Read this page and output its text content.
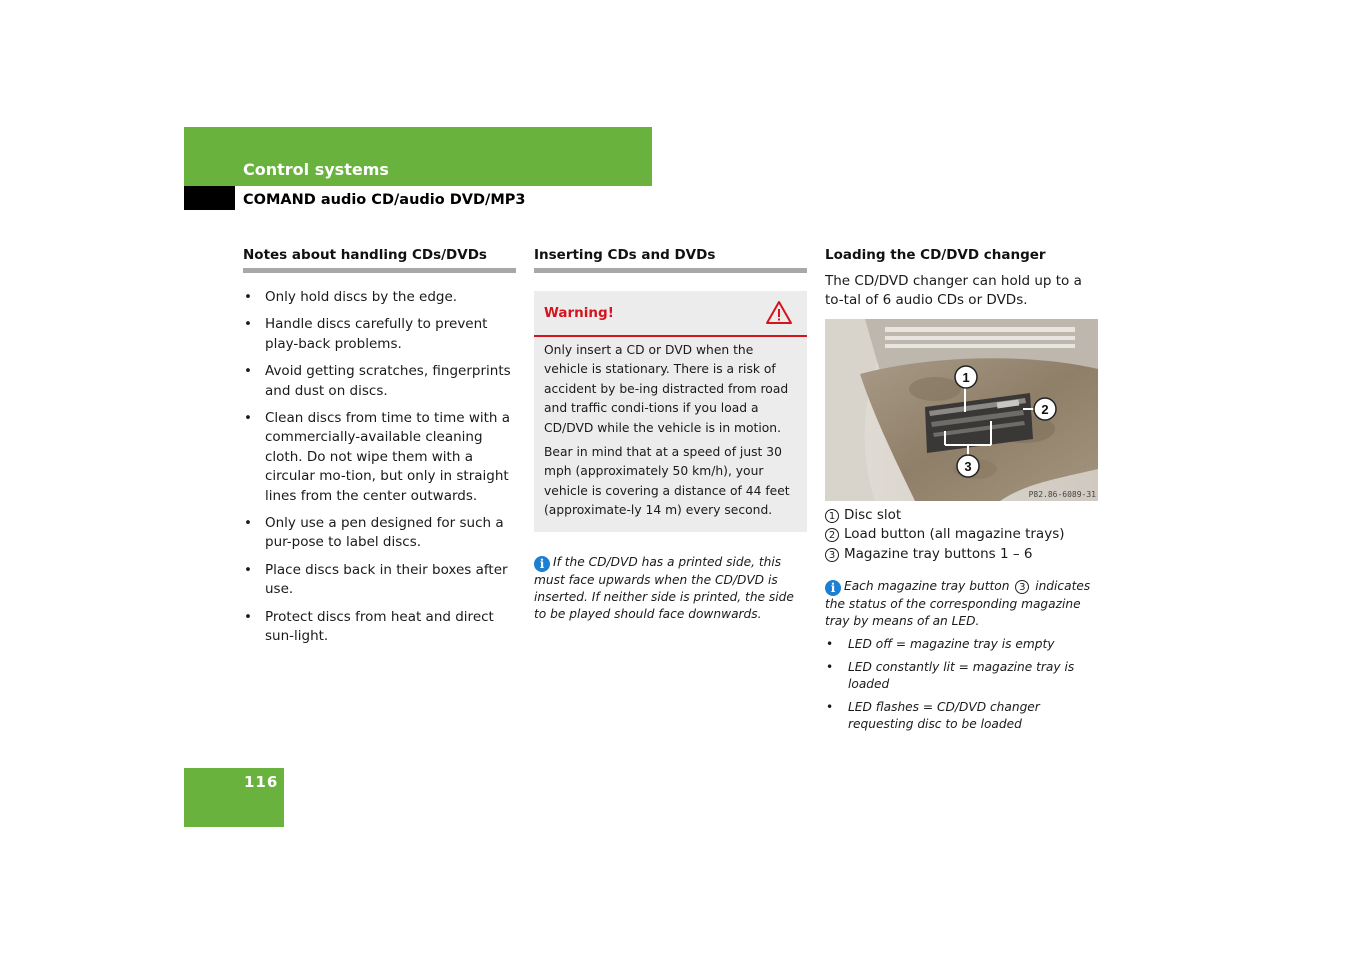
Control systems
COMAND audio CD/audio DVD/MP3
Notes about handling CDs/DVDs
• Only hold discs by the edge.
• Handle discs carefully to prevent play-back problems.
• Avoid getting scratches, fingerprints and dust on discs.
• Clean discs from time to time with a commercially-available cleaning cloth. Do not wipe them with a circular mo-tion, but only in straight lines from the center outwards.
• Only use a pen designed for such a pur-pose to label discs.
• Place discs back in their boxes after use.
• Protect discs from heat and direct sun-light.
Inserting CDs and DVDs
Warning!

Only insert a CD or DVD when the vehicle is stationary. There is a risk of accident by be-ing distracted from road and traffic condi-tions if you load a CD/DVD while the vehicle is in motion.

Bear in mind that at a speed of just 30 mph (approximately 50 km/h), your vehicle is covering a distance of 44 feet (approximate-ly 14 m) every second.

i If the CD/DVD has a printed side, this must face upwards when the CD/DVD is inserted. If neither side is printed, the side to be played should face downwards.
Loading the CD/DVD changer
The CD/DVD changer can hold up to a to-tal of 6 audio CDs or DVDs.
1
2
3
P82.86-6089-31
1 Disc slot
2 Load button (all magazine trays)
3 Magazine tray buttons 1 – 6
i Each magazine tray button 3 indicates the status of the corresponding magazine tray by means of an LED.
• LED off = magazine tray is empty
• LED constantly lit = magazine tray is loaded
• LED flashes = CD/DVD changer requesting disc to be loaded
116
